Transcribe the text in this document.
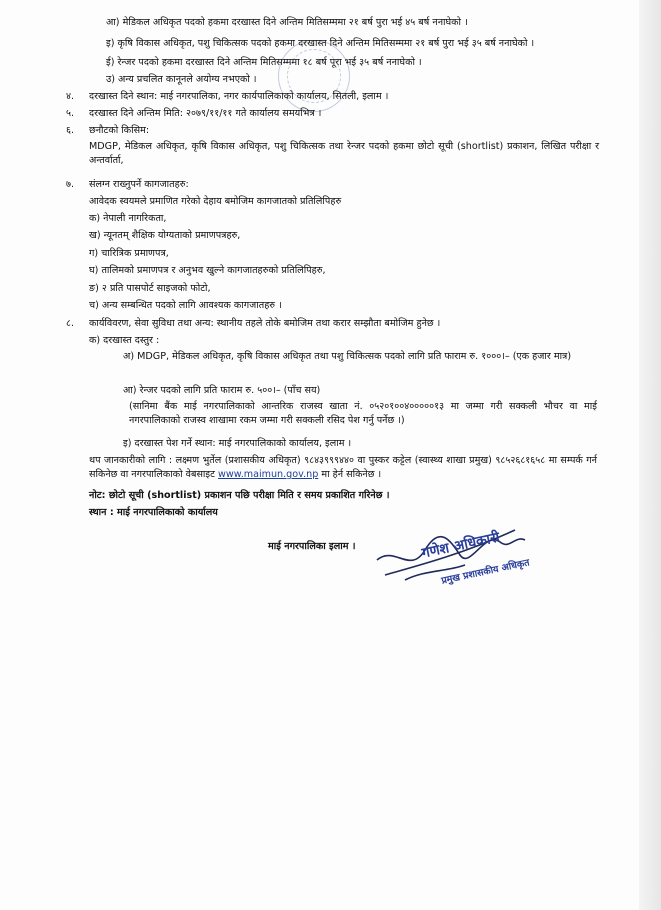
आ) मेडिकल अधिकृत पदको हकमा दरखास्त दिने अन्तिम मितिसम्ममा २१ बर्ष पुरा भई ४५ बर्ष ननाघेको ।
इ) कृषि विकास अधिकृत, पशु चिकित्सक पदको हकमा दरखास्त दिने अन्तिम मितिसम्ममा २१ बर्ष पुरा भई ३५ बर्ष ननाघेको ।
ई) रेन्जर पदको हकमा दरखास्त दिने अन्तिम मितिसम्ममा १८ बर्ष पूरा भई ३५ बर्ष ननाघेको ।
उ) अन्य प्रचलित कानूनले अयोग्य नभएको ।
४. दरखास्त दिने स्थान: माई नगरपालिका, नगर कार्यपालिकाको कार्यालय, सितली, इलाम ।
५. दरखास्त दिने अन्तिम मिति: २०७९/११/११ गते कार्यालय समयभित्र ।
६. छनौटको किसिम:
MDGP, मेडिकल अधिकृत, कृषि विकास अधिकृत, पशु चिकित्सक तथा रेन्जर पदको हकमा छोटो सूची (shortlist) प्रकाशन, लिखित परीक्षा र अन्तर्वार्ता,
७. संलग्न राख्नुपर्ने कागजातहरु:
आवेदक स्वयमले प्रमाणित गरेको देहाय बमोजिम कागजातको प्रतिलिपिहरु
क) नेपाली नागरिकता,
ख) न्यूनतम् शैक्षिक योग्यताको प्रमाणपत्रहरु,
ग) चारित्रिक प्रमाणपत्र,
घ) तालिमको प्रमाणपत्र र अनुभव खुल्ने कागजातहरुको प्रतिलिपिहरु,
ङ) २ प्रति पासपोर्ट साइजको फोटो,
च) अन्य सम्बन्धित पदको लागि आवश्यक कागजातहरु ।
८. कार्यविवरण, सेवा सुविधा तथा अन्य: स्थानीय तहले तोके बमोजिम तथा करार सम्झौता बमोजिम हुनेछ ।
क) दरखास्त दस्तुर :
अ) MDGP, मेडिकल अधिकृत, कृषि विकास अधिकृत तथा पशु चिकित्सक पदको लागि प्रति फाराम रु. १०००।– (एक हजार मात्र)
आ) रेन्जर पदको लागि प्रति फाराम रु. ५००।– (पाँच सय)
(सानिमा बैंक माई नगरपालिकाको आन्तरिक राजस्व खाता नं. ०५२०१००४०००००१३ मा जम्मा गरी सक्कली भौचर वा माई नगरपालिकाको राजस्व शाखामा रकम जम्मा गरी सक्कली रसिद पेश गर्नु पर्नेछ ।)
इ) दरखास्त पेश गर्ने स्थान: माई नगरपालिकाको कार्यालय, इलाम ।
थप जानकारीको लागि : लक्ष्मण भुर्तेल (प्रशासकीय अधिकृत) ९८४३९९९४४० वा पुस्कर कट्टेल (स्वास्थ्य शाखा प्रमुख) ९८५२६८१६५८ मा सम्पर्क गर्न सकिनेछ वा नगरपालिकाको वेबसाइट www.maimun.gov.np मा हेर्न सकिनेछ ।
नोट: छोटो सूची (shortlist) प्रकाशन पछि परीक्षा मिति र समय प्रकाशित गरिनेछ ।
स्थान : माई नगरपालिकाको कार्यालय
माई नगरपालिका इलाम ।	गणेश अधिकारी
प्रमुख प्रशासकीय अधिकृत
